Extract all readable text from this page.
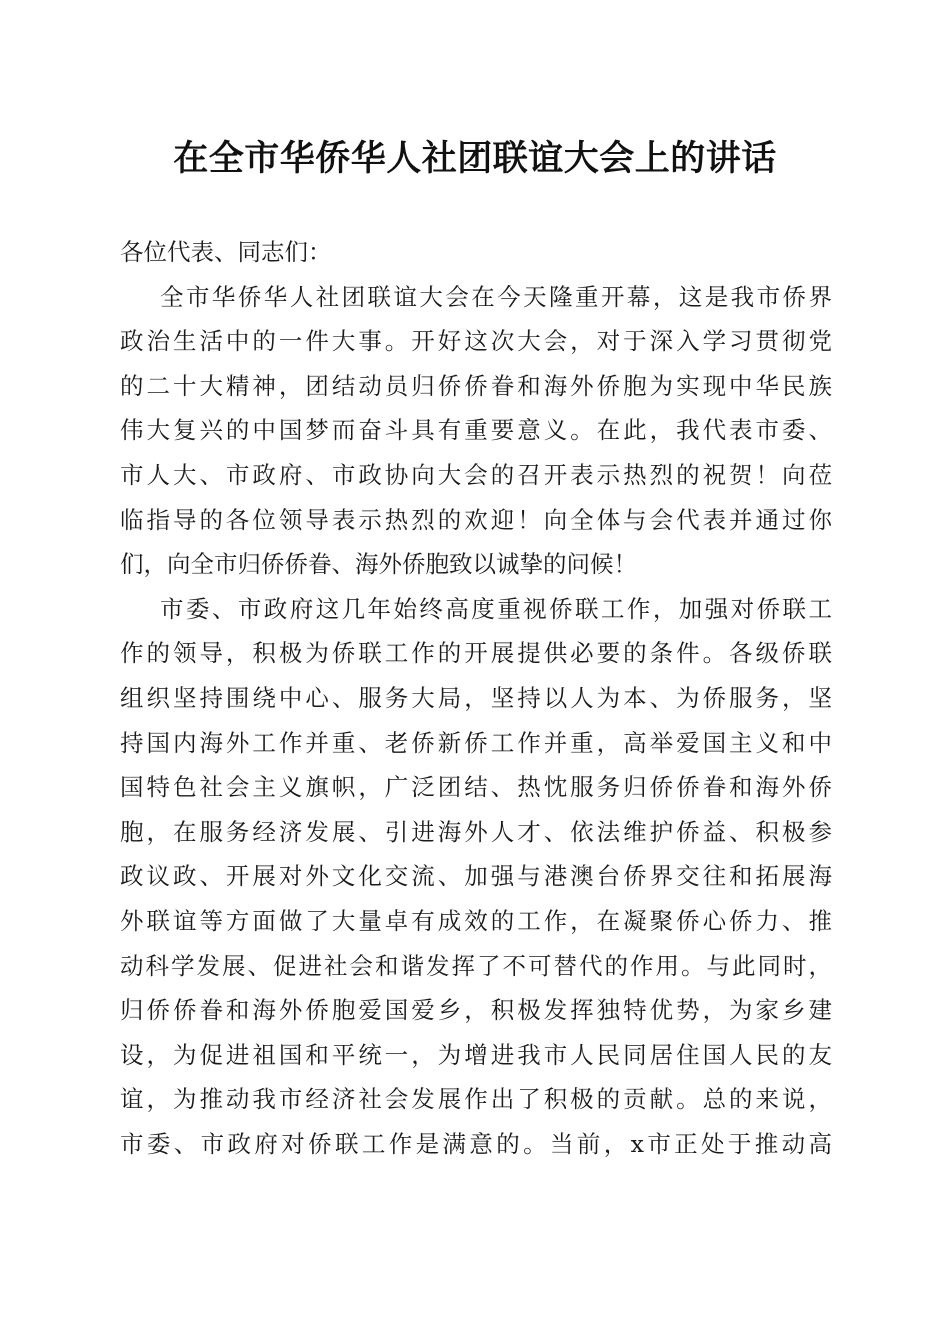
在全市华侨华人社团联谊大会上的讲话
各位代表、同志们：
全市华侨华人社团联谊大会在今天隆重开幕，这是我市侨界
政治生活中的一件大事。开好这次大会，对于深入学习贯彻党
的二十大精神，团结动员归侨侨眷和海外侨胞为实现中华民族
伟大复兴的中国梦而奋斗具有重要意义。在此，我代表市委、
市人大、市政府、市政协向大会的召开表示热烈的祝贺！向莅
临指导的各位领导表示热烈的欢迎！向全体与会代表并通过你
们，向全市归侨侨眷、海外侨胞致以诚挚的问候！
市委、市政府这几年始终高度重视侨联工作，加强对侨联工
作的领导，积极为侨联工作的开展提供必要的条件。各级侨联
组织坚持围绕中心、服务大局，坚持以人为本、为侨服务，坚
持国内海外工作并重、老侨新侨工作并重，高举爱国主义和中
国特色社会主义旗帜，广泛团结、热忱服务归侨侨眷和海外侨
胞，在服务经济发展、引进海外人才、依法维护侨益、积极参
政议政、开展对外文化交流、加强与港澳台侨界交往和拓展海
外联谊等方面做了大量卓有成效的工作，在凝聚侨心侨力、推
动科学发展、促进社会和谐发挥了不可替代的作用。与此同时，
归侨侨眷和海外侨胞爱国爱乡，积极发挥独特优势，为家乡建
设，为促进祖国和平统一，为增进我市人民同居住国人民的友
谊，为推动我市经济社会发展作出了积极的贡献。总的来说，
市委、市政府对侨联工作是满意的。当前，x市正处于推动高
